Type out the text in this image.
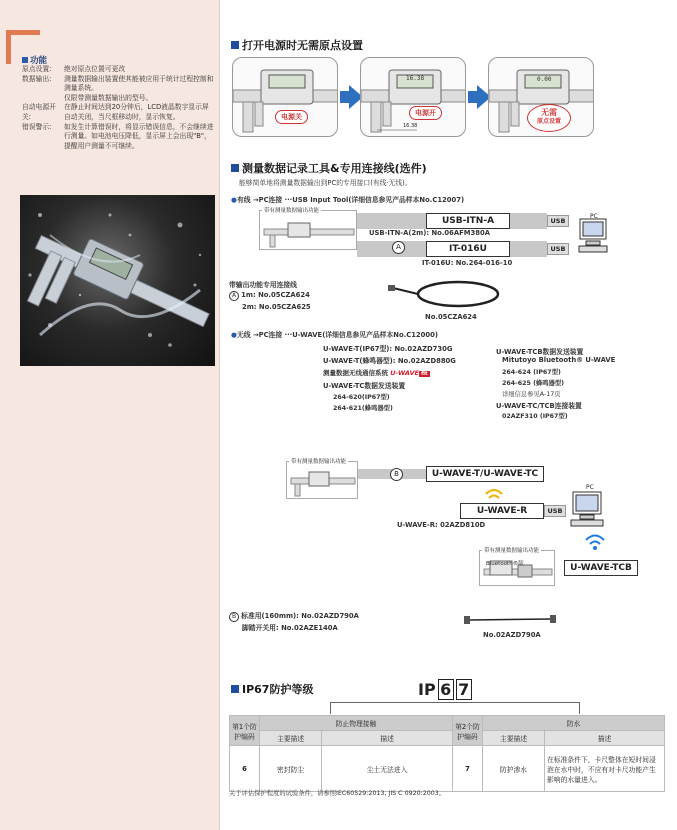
功能
原点设置:	绝对原点位置可更改
数据输出:	测量数据输出装置使其能被应用于统计过程控制和测量系统。
仅限带测量数据输出的型号。
自动电源开关:
在静止时间达到20分钟后，LCD液晶数字显示屏自动关闭，当尺框移动时，显示恢复。
错误警示:	如发生计算错误时，将显示错误信息，不会继续进行测量。如电池电压降低，显示屏上会出现"B"，提醒用户测量不可继续。
打开电源时无需原点设置
电源关
16.38
16.38
电源开
0.00
无需
原点设置
测量数据记录工具&专用连接线(选件)
能够简单地将测量数据输出到PC的专用接口(有线·无线)。
●有线 →PC连接 ···USB Input Tool(详细信息参见产品样本No.C12007)
带有测量数据输出功能
USB-ITN-A	USB
USB-ITN-A(2m): No.06AFM380A
A	IT-016U	USB
IT-016U: No.264-016-10
PC
带输出功能专用连接线
A 1m: No.05CZA624
2m: No.05CZA625
No.05CZA624
●无线 →PC连接 ···U-WAVE(详细信息参见产品样本No.C12000)
U-WAVE-T(IP67型): No.02AZD730G
U-WAVE-T(蜂鸣器型): No.02AZD880G
测量数据无线通信系统 U-WAVE fit
U-WAVE-TC数据发送装置
264-620(IP67型)
264-621(蜂鸣器型)
U-WAVE-TCB数据发送装置
Mitutoyo Bluetooth® U-WAVE
264-624 (IP67型)
264-625 (蜂鸣器型)
详细信息参见A-17页
U-WAVE-TC/TCB连接装置
02AZF310 (IP67型)
带有测量数据输出功能
B	U-WAVE-T/U-WAVE-TC
U-WAVE-R	USB
U-WAVE-R: 02AZD810D
PC
U-WAVE-TCB
带有测量数据输出功能
Bluetooth®版
B 标准用(160mm): No.02AZD790A
脚踏开关用: No.02AZE140A
No.02AZD790A
IP67防护等级	IP 6 7
第1个防护编码	防止物理接触		第2个防护编码	防水	
	主要描述	描述		主要描述	描述
6	密封防尘	尘土无法进入	7	防护渗水	在标准条件下，卡尺整体在短时间浸泡在水中时，不应有对卡尺功能产生影响的水量进入。
关于评估保护程度的试验条件，请参照IEC60529:2013, JIS C 0920:2003。
